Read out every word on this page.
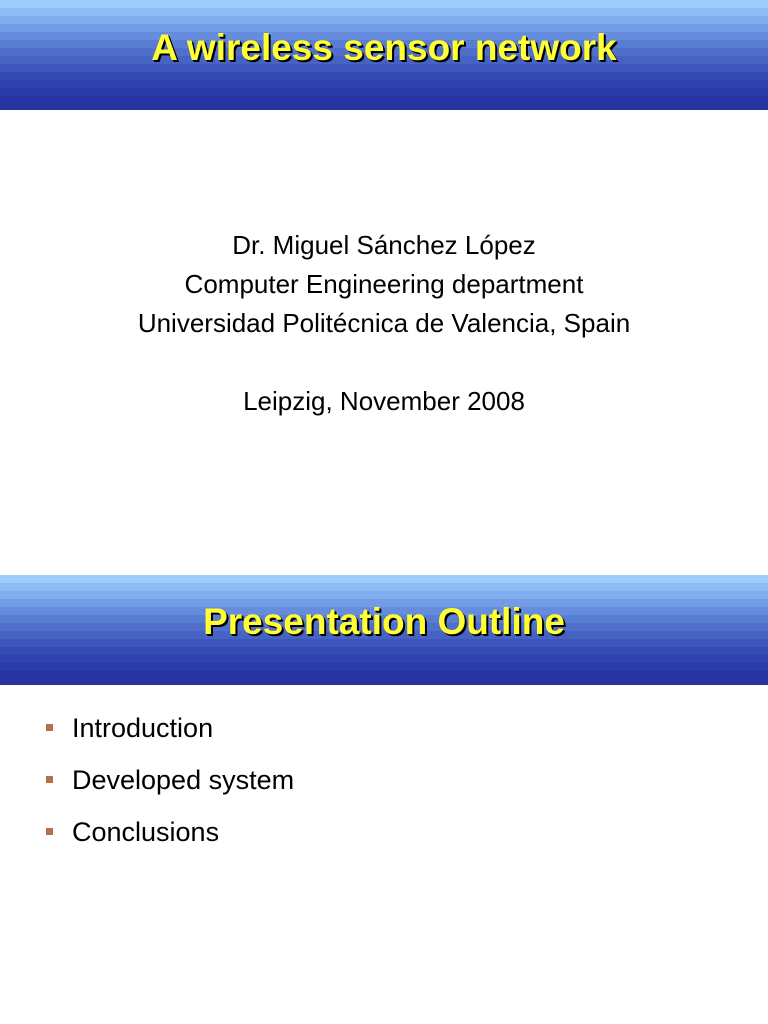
A wireless sensor network
Dr. Miguel Sánchez López
Computer Engineering department
Universidad Politécnica de Valencia, Spain
Leipzig, November 2008
Presentation Outline
Introduction
Developed system
Conclusions
